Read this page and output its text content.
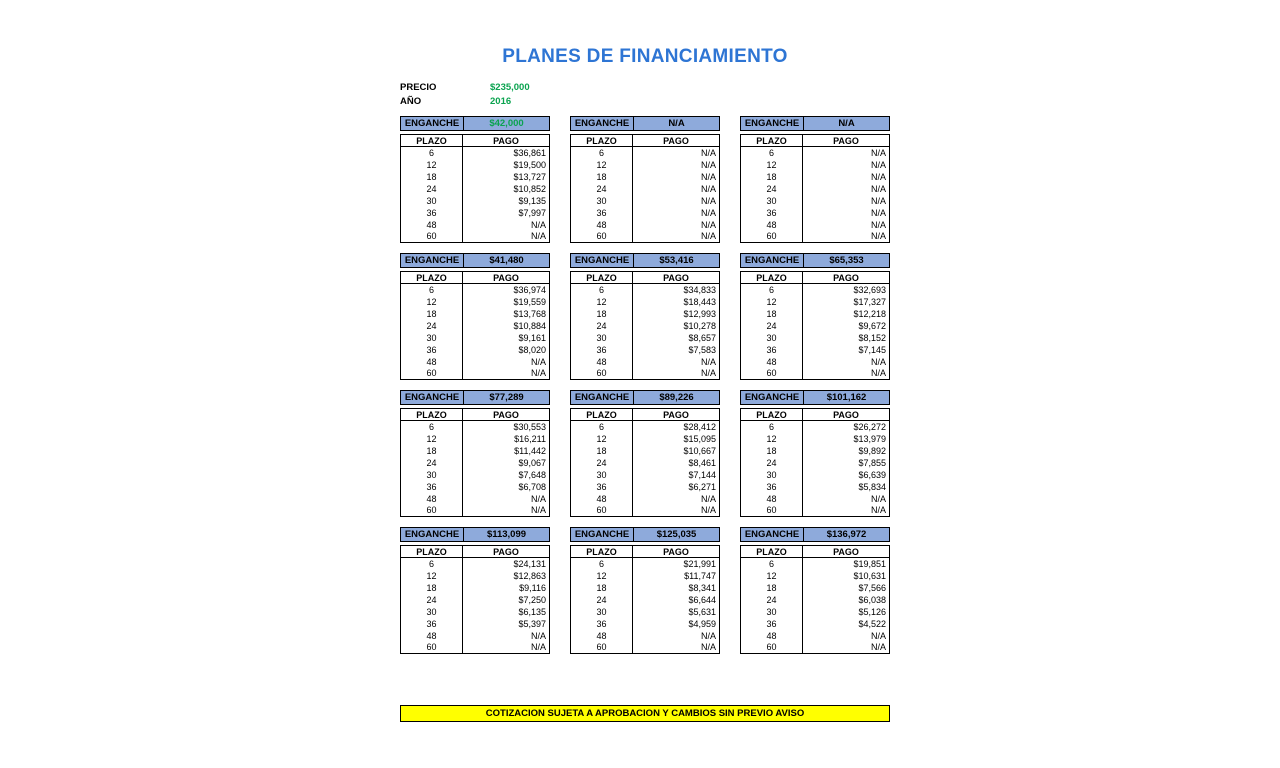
PLANES DE FINANCIAMIENTO
PRECIO	$235,000
AÑO	2016
ENGANCHE	$42,000
PLAZO	PAGO
6	$36,861
12	$19,500
18	$13,727
24	$10,852
30	$9,135
36	$7,997
48	N/A
60	N/A
ENGANCHE	N/A
PLAZO	PAGO
6	N/A
12	N/A
18	N/A
24	N/A
30	N/A
36	N/A
48	N/A
60	N/A
ENGANCHE	N/A
PLAZO	PAGO
6	N/A
12	N/A
18	N/A
24	N/A
30	N/A
36	N/A
48	N/A
60	N/A
ENGANCHE	$41,480
PLAZO	PAGO
6	$36,974
12	$19,559
18	$13,768
24	$10,884
30	$9,161
36	$8,020
48	N/A
60	N/A
ENGANCHE	$53,416
PLAZO	PAGO
6	$34,833
12	$18,443
18	$12,993
24	$10,278
30	$8,657
36	$7,583
48	N/A
60	N/A
ENGANCHE	$65,353
PLAZO	PAGO
6	$32,693
12	$17,327
18	$12,218
24	$9,672
30	$8,152
36	$7,145
48	N/A
60	N/A
ENGANCHE	$77,289
PLAZO	PAGO
6	$30,553
12	$16,211
18	$11,442
24	$9,067
30	$7,648
36	$6,708
48	N/A
60	N/A
ENGANCHE	$89,226
PLAZO	PAGO
6	$28,412
12	$15,095
18	$10,667
24	$8,461
30	$7,144
36	$6,271
48	N/A
60	N/A
ENGANCHE	$101,162
PLAZO	PAGO
6	$26,272
12	$13,979
18	$9,892
24	$7,855
30	$6,639
36	$5,834
48	N/A
60	N/A
ENGANCHE	$113,099
PLAZO	PAGO
6	$24,131
12	$12,863
18	$9,116
24	$7,250
30	$6,135
36	$5,397
48	N/A
60	N/A
ENGANCHE	$125,035
PLAZO	PAGO
6	$21,991
12	$11,747
18	$8,341
24	$6,644
30	$5,631
36	$4,959
48	N/A
60	N/A
ENGANCHE	$136,972
PLAZO	PAGO
6	$19,851
12	$10,631
18	$7,566
24	$6,038
30	$5,126
36	$4,522
48	N/A
60	N/A
COTIZACION SUJETA A APROBACION Y CAMBIOS SIN PREVIO AVISO
